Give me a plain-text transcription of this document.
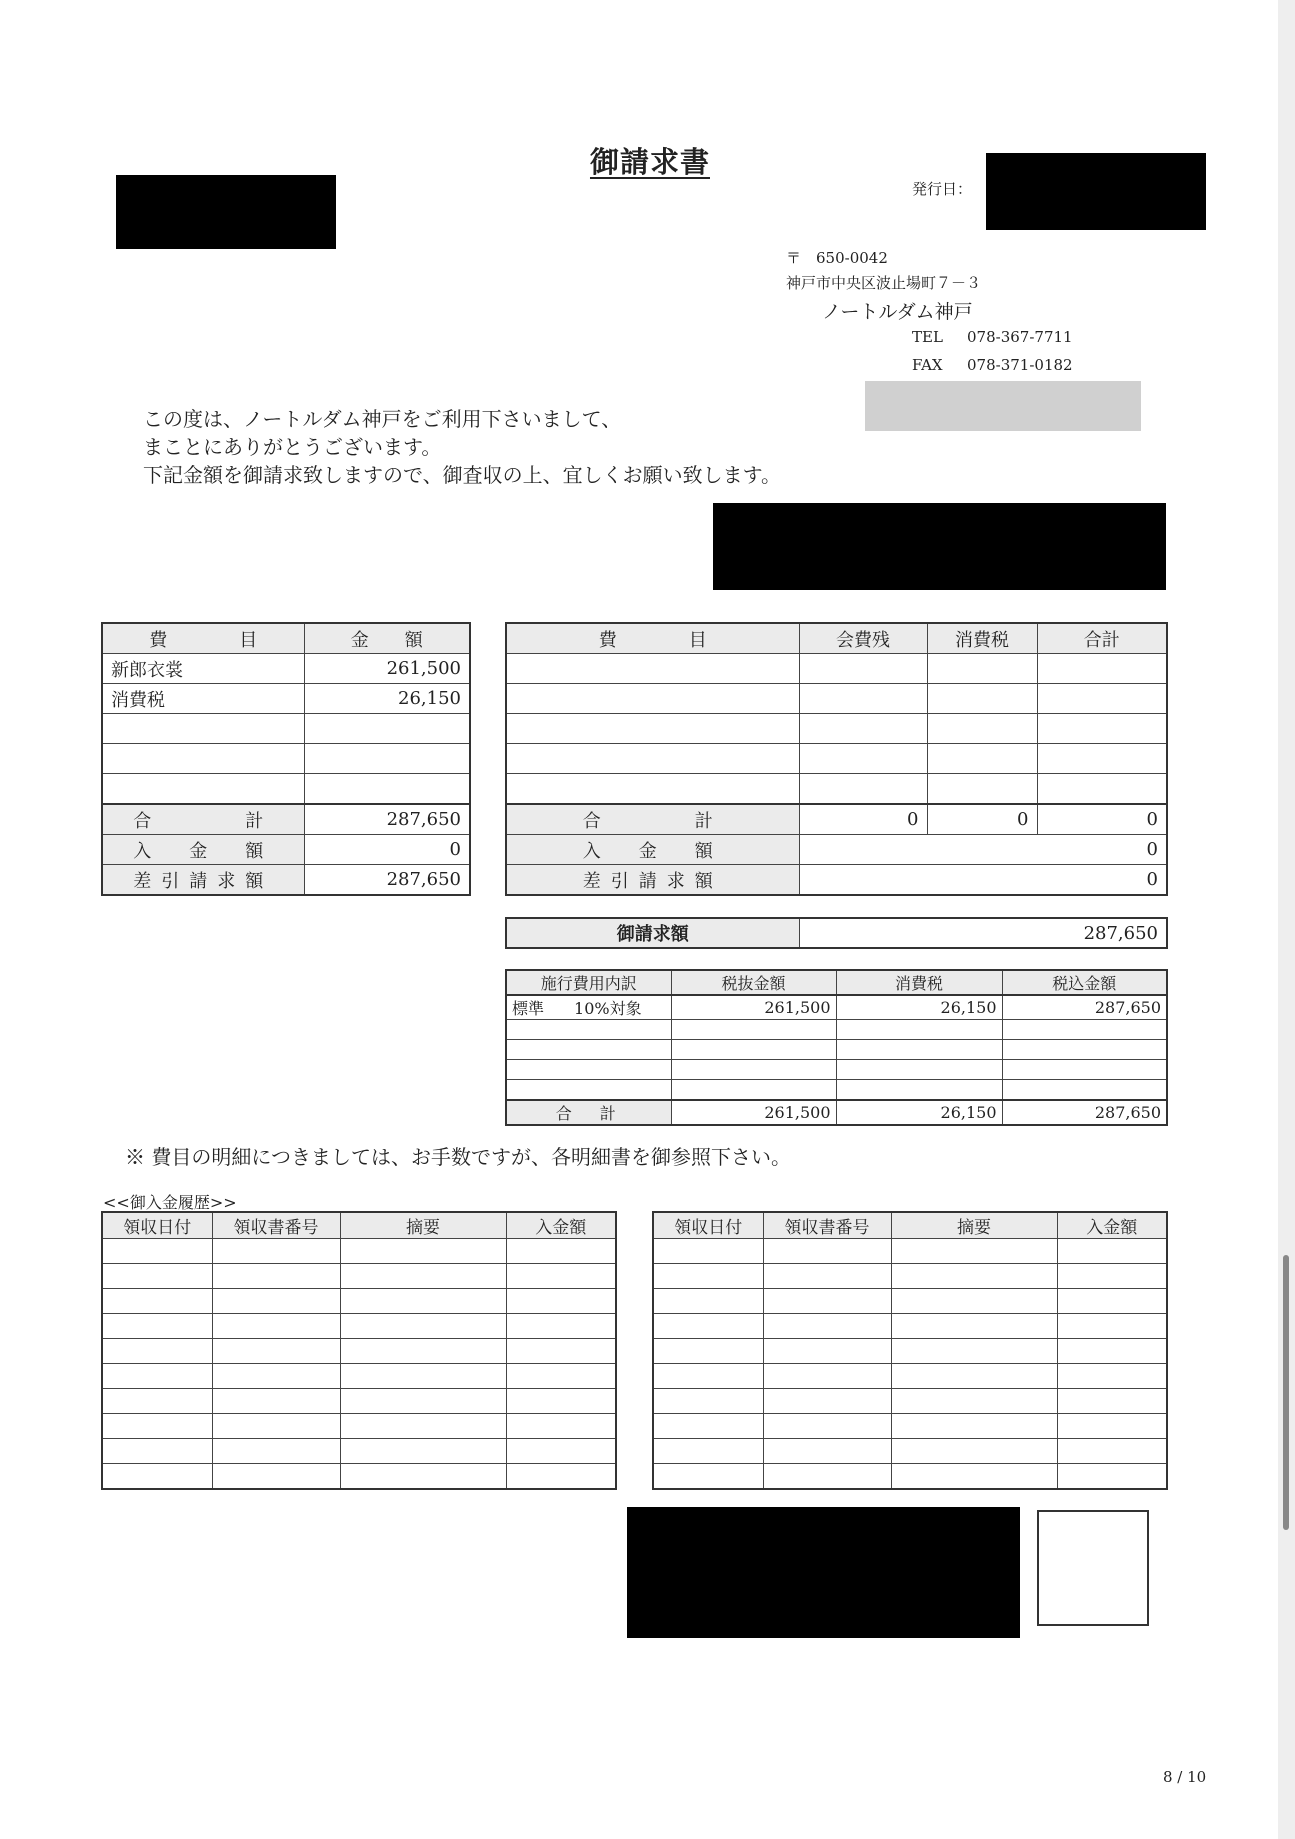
御請求書
発行日：
〒　650-0042
神戸市中央区波止場町７－３
ノートルダム神戸
TEL 078-367-7711
FAX 078-371-0182
この度は、ノートルダム神戸をご利用下さいまして、
まことにありがとうございます。
下記金額を御請求致しますので、御査収の上、宜しくお願い致します。
費　　　　目	金　　額
新郎衣裳	261,500
消費税	26,150

合　　　計	287,650
入　金　額	0
差引請求額	287,650
費　　　　目	会費残	消費税	合計

合　　　計	0	0	0
入　金　額	0		
差引請求額	0		
御請求額	287,650
施行費用内訳	税抜金額	消費税	税込金額
標準 10%対象	261,500	26,150	287,650

合　計	261,500	26,150	287,650
※ 費目の明細につきましては、お手数ですが、各明細書を御参照下さい。
<<御入金履歴>>
領収日付	領収書番号	摘要	入金額

				領収日付	領収書番号	摘要	入金額

8 / 10
